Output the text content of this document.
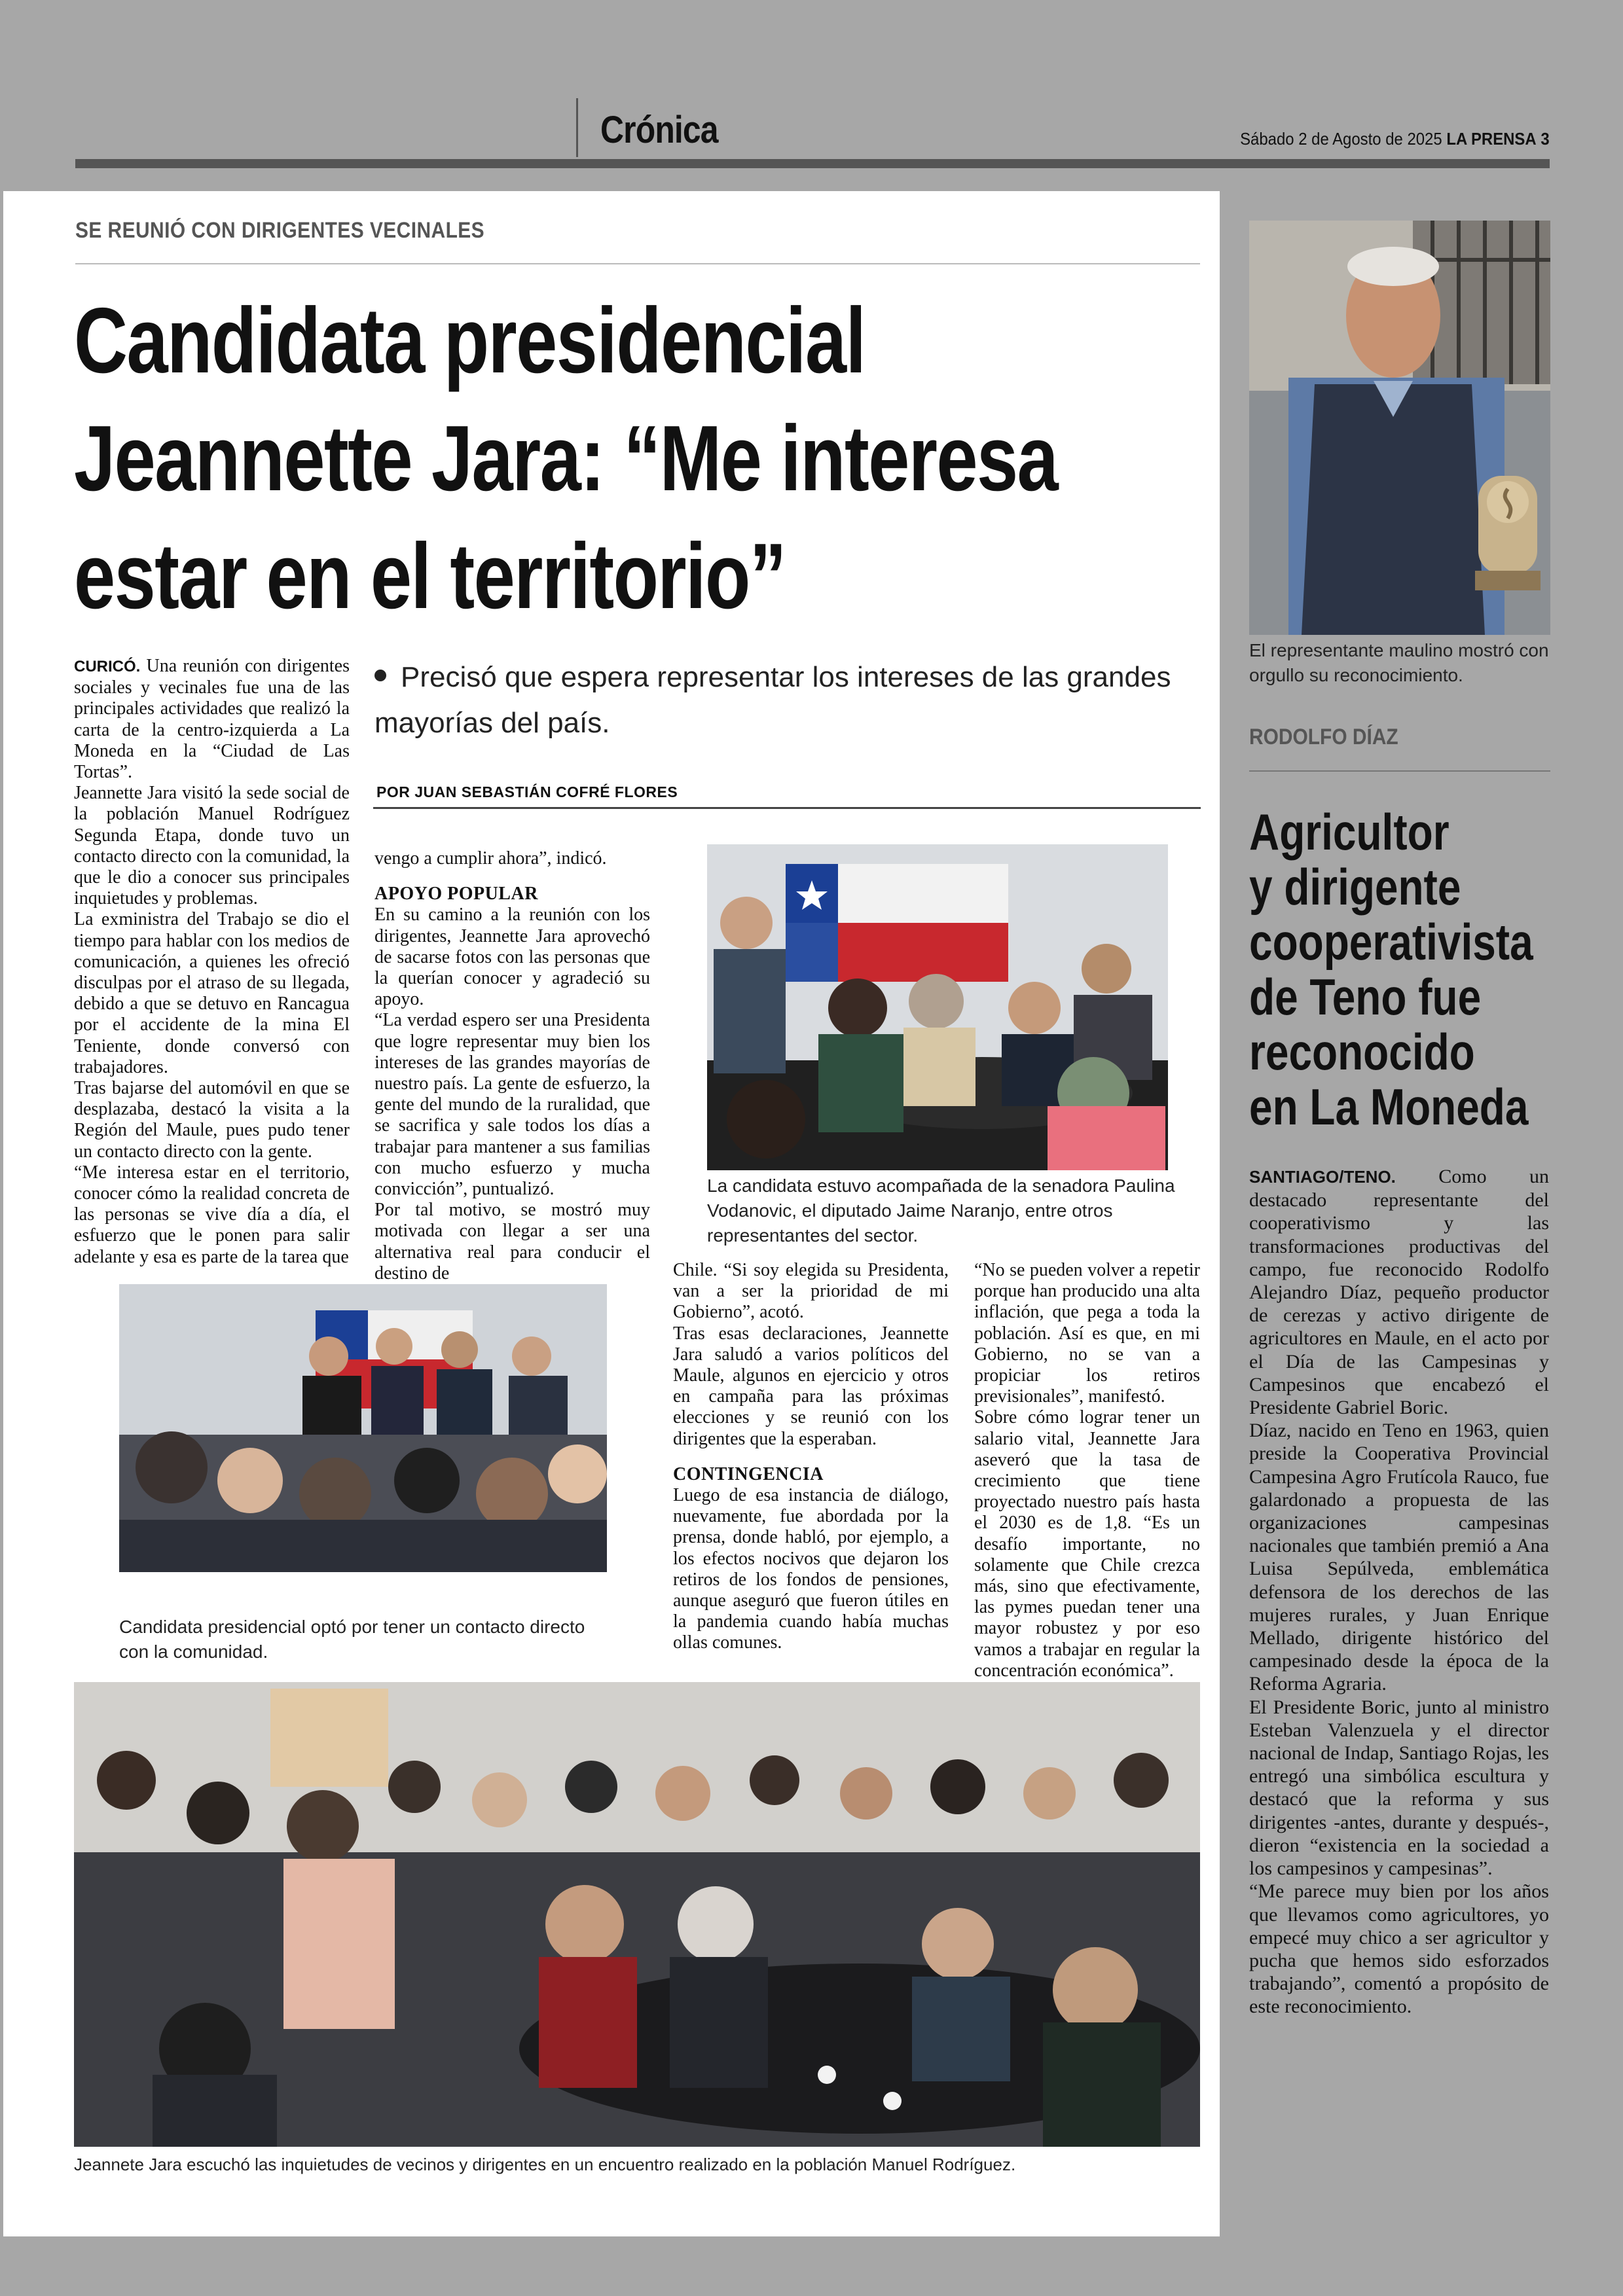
Crónica	Sábado 2 de Agosto de 2025 LA PRENSA 3
SE REUNIÓ CON DIRIGENTES VECINALES
Candidata presidencial
Jeannette Jara: “Me interesa
estar en el territorio”
Precisó que espera representar los intereses de las grandes mayorías del país.
POR JUAN SEBASTIÁN COFRÉ FLORES

CURICÓ. Una reunión con dirigentes sociales y vecinales fue una de las principales actividades que realizó la carta de la centro-izquierda a La Moneda en la “Ciudad de Las Tortas”.

Jeannette Jara visitó la sede social de la población Manuel Rodríguez Segunda Etapa, donde tuvo un contacto directo con la comunidad, la que le dio a conocer sus principales inquietudes y problemas.

La exministra del Trabajo se dio el tiempo para hablar con los medios de comunicación, a quienes les ofreció disculpas por el atraso de su llegada, debido a que se detuvo en Rancagua por el accidente de la mina El Teniente, donde conversó con trabajadores.

Tras bajarse del automóvil en que se desplazaba, destacó la visita a la Región del Maule, pues pudo tener un contacto directo con la gente.

“Me interesa estar en el territorio, conocer cómo la realidad concreta de las personas se vive día a día, el esfuerzo que le ponen para salir adelante y esa es parte de la tarea que

vengo a cumplir ahora”, indicó.

APOYO POPULAR

En su camino a la reunión con los dirigentes, Jeannette Jara aprovechó de sacarse fotos con las personas que la querían conocer y agradeció su apoyo.

“La verdad espero ser una Presidenta que logre representar muy bien los intereses de las grandes mayorías de nuestro país. La gente de esfuerzo, la gente del mundo de la ruralidad, que se sacrifica y sale todos los días a trabajar para mantener a sus familias con mucho esfuerzo y mucha convicción”, puntualizó.

Por tal motivo, se mostró muy motivada con llegar a ser una alternativa real para conducir el destino de

La candidata estuvo acompañada de la senadora Paulina Vodanovic, el diputado Jaime Naranjo, entre otros representantes del sector.
Candidata presidencial optó por tener un contacto directo con la comunidad.

Chile. “Si soy elegida su Presidenta, van a ser la prioridad de mi Gobierno”, acotó.

Tras esas declaraciones, Jeannette Jara saludó a varios políticos del Maule, algunos en ejercicio y otros en campaña para las próximas elecciones y se reunió con los dirigentes que la esperaban.

CONTINGENCIA

Luego de esa instancia de diálogo, nuevamente, fue abordada por la prensa, donde habló, por ejemplo, a los efectos nocivos que dejaron los retiros de los fondos de pensiones, aunque aseguró que fueron útiles en la pandemia cuando había muchas ollas comunes.

“No se pueden volver a repetir porque han producido una alta inflación, que pega a toda la población. Así es que, en mi Gobierno, no se van a propiciar los retiros previsionales”, manifestó.

Sobre cómo lograr tener un salario vital, Jeannette Jara aseveró que la tasa de crecimiento que tiene proyectado nuestro país hasta el 2030 es de 1,8. “Es un desafío importante, no solamente que Chile crezca más, sino que efectivamente, las pymes puedan tener una mayor robustez y por eso vamos a trabajar en regular la concentración económica”.

Jeannete Jara escuchó las inquietudes de vecinos y dirigentes en un encuentro realizado en la población Manuel Rodríguez.
El representante maulino mostró con orgullo su reconocimiento.
RODOLFO DÍAZ
Agricultor
y dirigente
cooperativista
de Teno fue
reconocido
en La Moneda

SANTIAGO/TENO. Como un destacado representante del cooperativismo y las transformaciones productivas del campo, fue reconocido Rodolfo Alejandro Díaz, pequeño productor de cerezas y activo dirigente de agricultores en Maule, en el acto por el Día de las Campesinas y Campesinos que encabezó el Presidente Gabriel Boric.

Díaz, nacido en Teno en 1963, quien preside la Cooperativa Provincial Campesina Agro Frutícola Rauco, fue galardonado a propuesta de las organizaciones campesinas nacionales que también premió a Ana Luisa Sepúlveda, emblemática defensora de los derechos de las mujeres rurales, y Juan Enrique Mellado, dirigente histórico del campesinado desde la época de la Reforma Agraria.

El Presidente Boric, junto al ministro Esteban Valenzuela y el director nacional de Indap, Santiago Rojas, les entregó una simbólica escultura y destacó que la reforma y sus dirigentes -antes, durante y después-, dieron “existencia en la sociedad a los campesinos y campesinas”.

“Me parece muy bien por los años que llevamos como agricultores, yo empecé muy chico a ser agricultor y pucha que hemos sido esforzados trabajando”, comentó a propósito de este reconocimiento.
